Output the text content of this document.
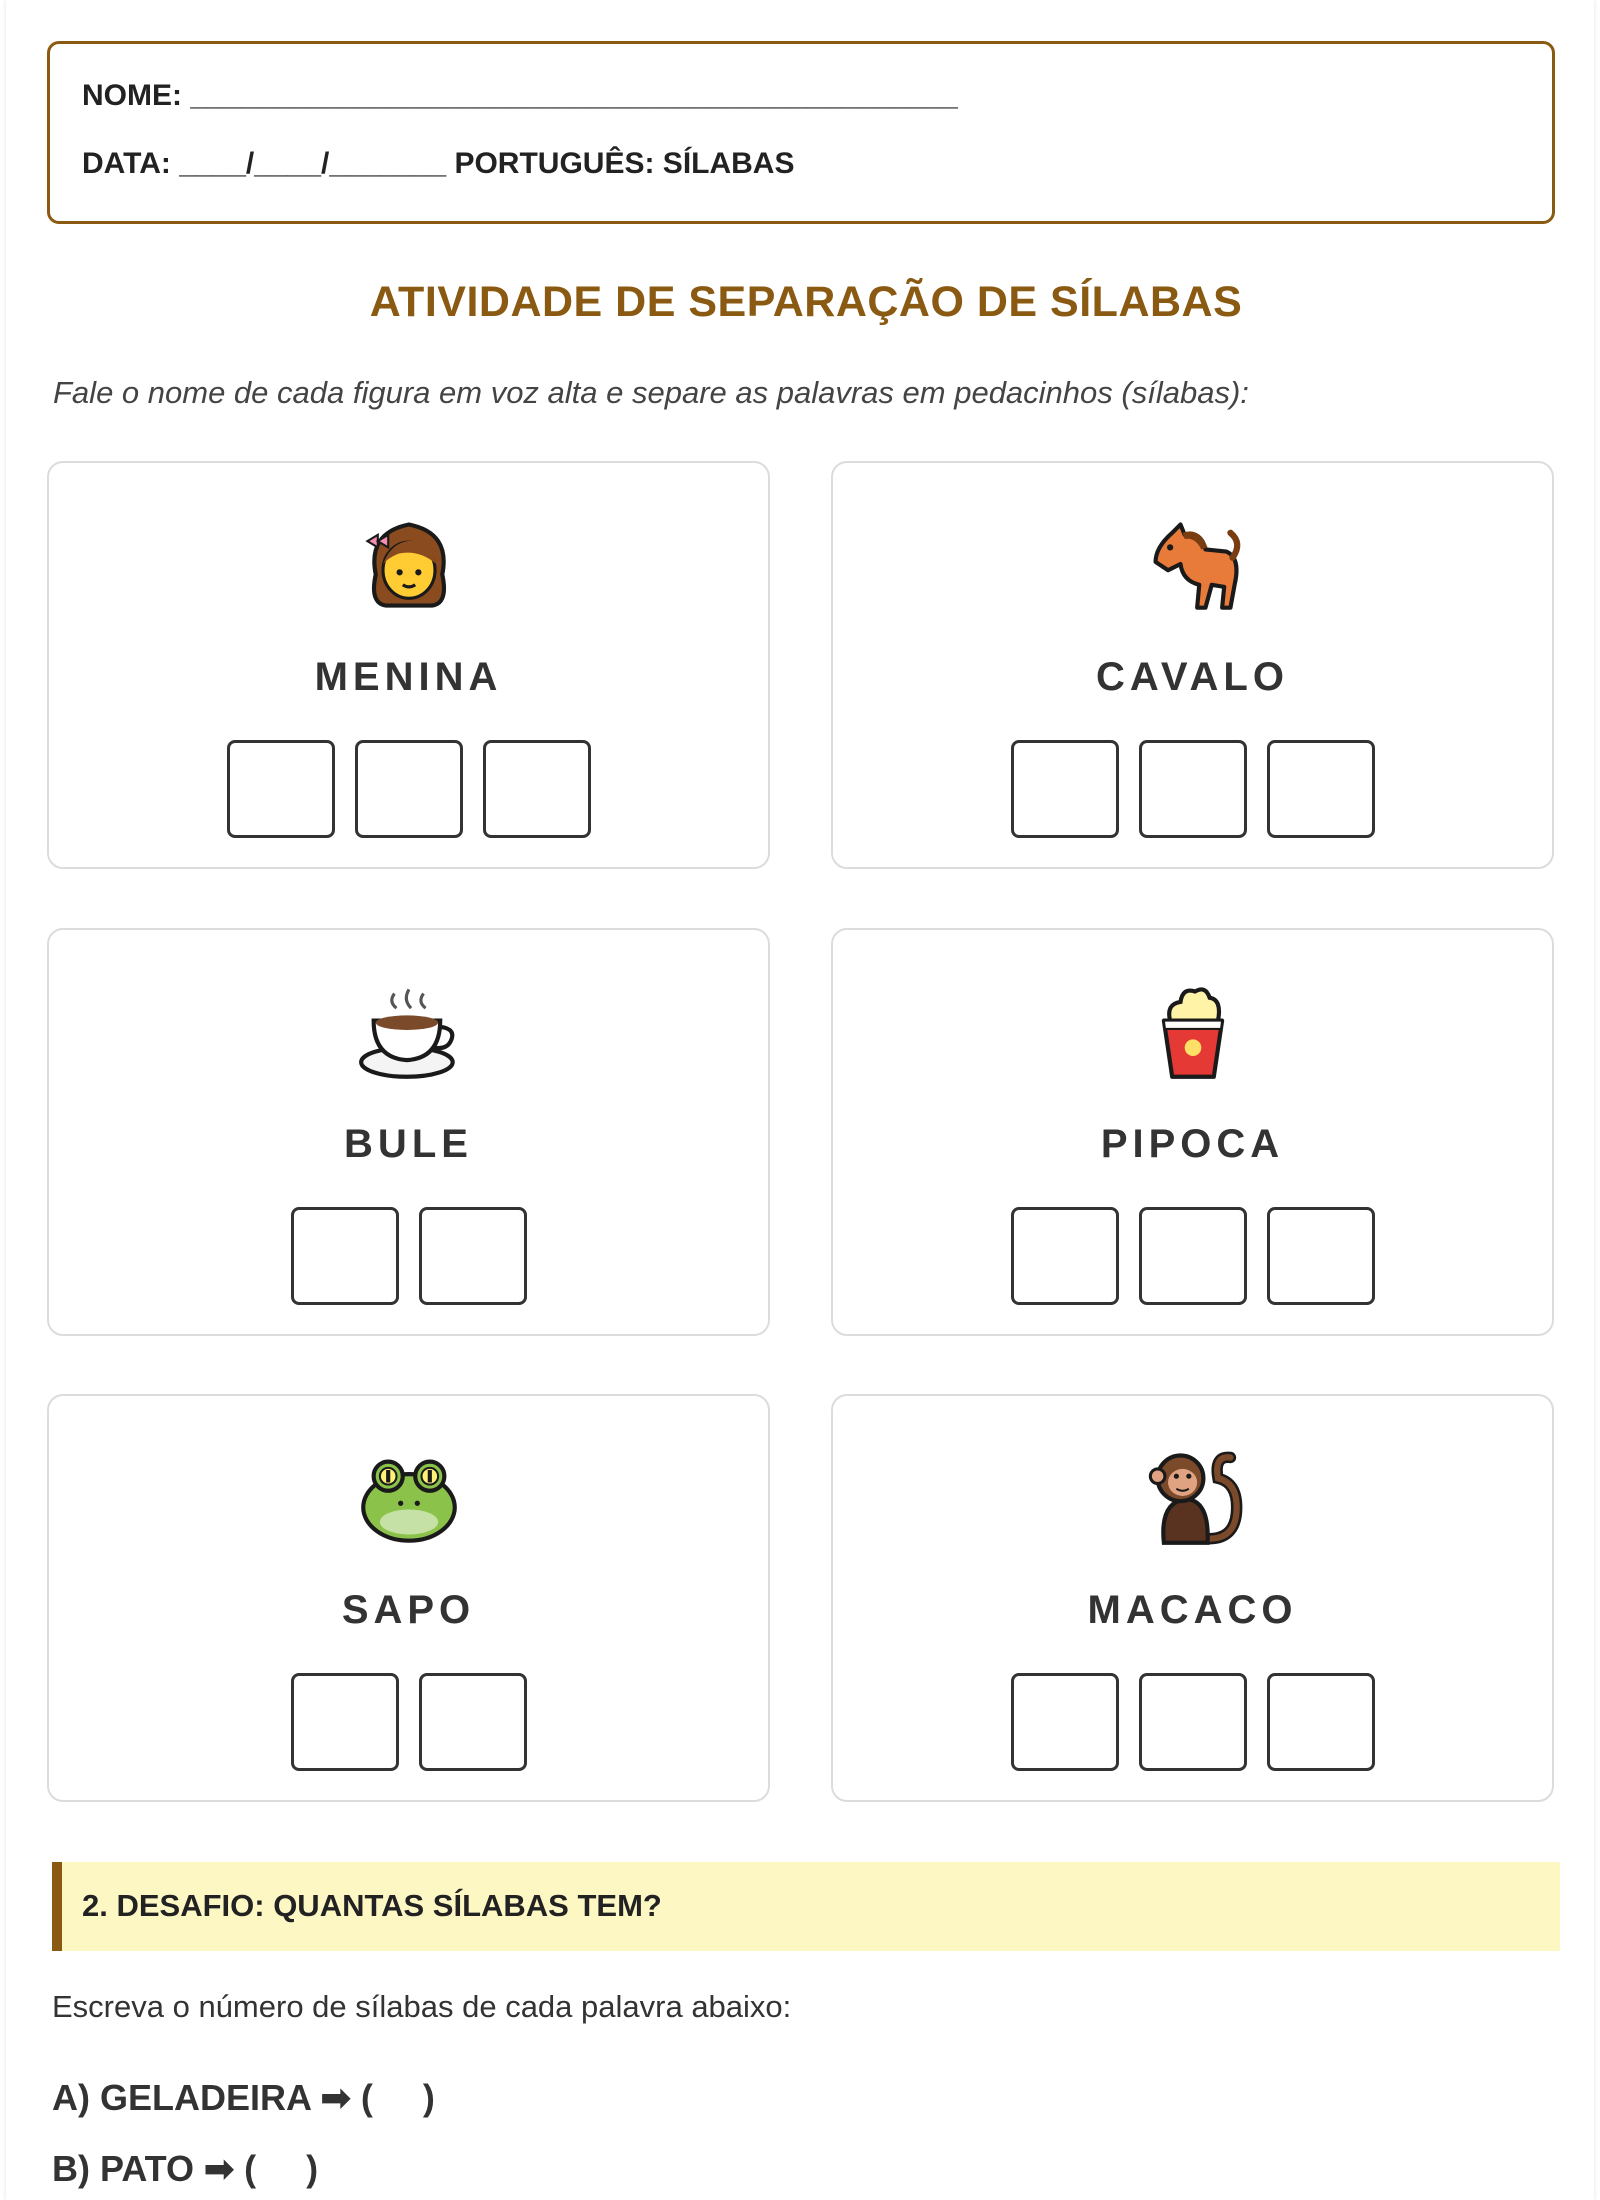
NOME: ______________________________________________
DATA: ____/____/_______ PORTUGUÊS: SÍLABAS
ATIVIDADE DE SEPARAÇÃO DE SÍLABAS
Fale o nome de cada figura em voz alta e separe as palavras em pedacinhos (sílabas):
MENINA	CAVALO
BULE	PIPOCA
SAPO	MACACO
2. DESAFIO: QUANTAS SÍLABAS TEM?
Escreva o número de sílabas de cada palavra abaixo:
A) GELADEIRA ➡ (     )
B) PATO ➡ (     )
